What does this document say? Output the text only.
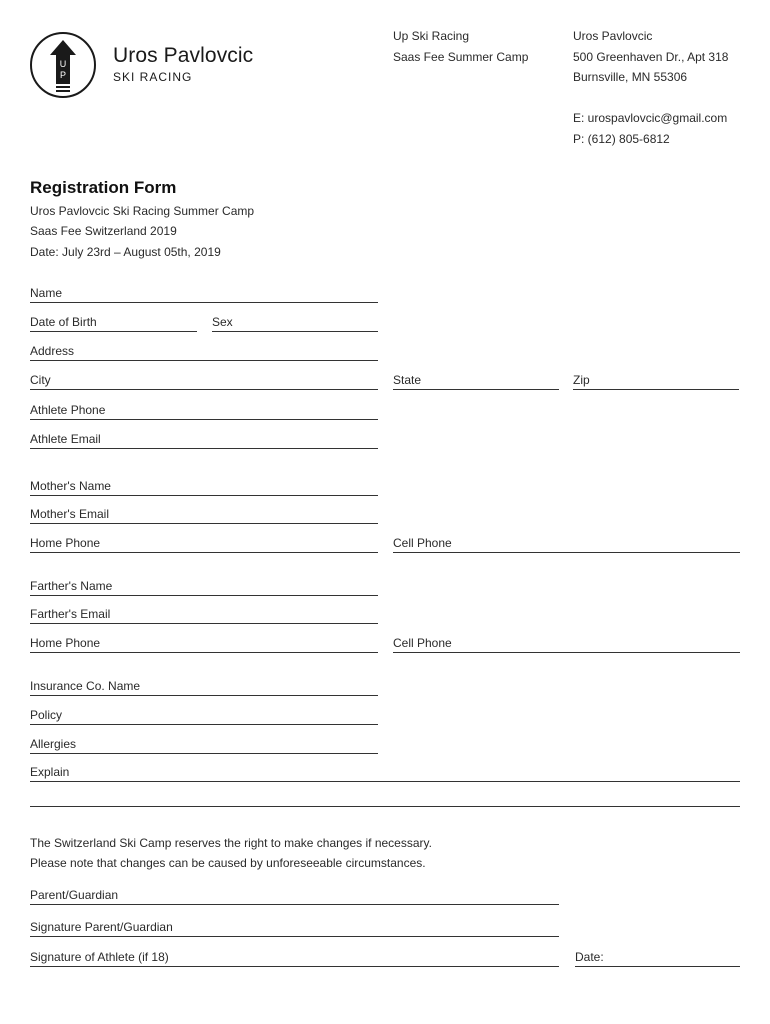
U
P
Uros Pavlovcic
SKI RACING
Up Ski Racing
Saas Fee Summer Camp
Uros Pavlovcic
500 Greenhaven Dr., Apt 318
Burnsville, MN 55306
E: urospavlovcic@gmail.com
P: (612) 805-6812
Registration Form
Uros Pavlovcic Ski Racing Summer Camp
Saas Fee Switzerland 2019
Date: July 23rd – August 05th, 2019
Name
Date of Birth	Sex
Address
City	State	Zip
Athlete Phone
Athlete Email
Mother's Name
Mother's Email
Home Phone	Cell Phone
Farther's Name
Farther's Email
Home Phone	Cell Phone
Insurance Co. Name
Policy
Allergies
Explain
The Switzerland Ski Camp reserves the right to make changes if necessary.
Please note that changes can be caused by unforeseeable circumstances.
Parent/Guardian
Signature Parent/Guardian
Signature of Athlete (if 18)	Date:
